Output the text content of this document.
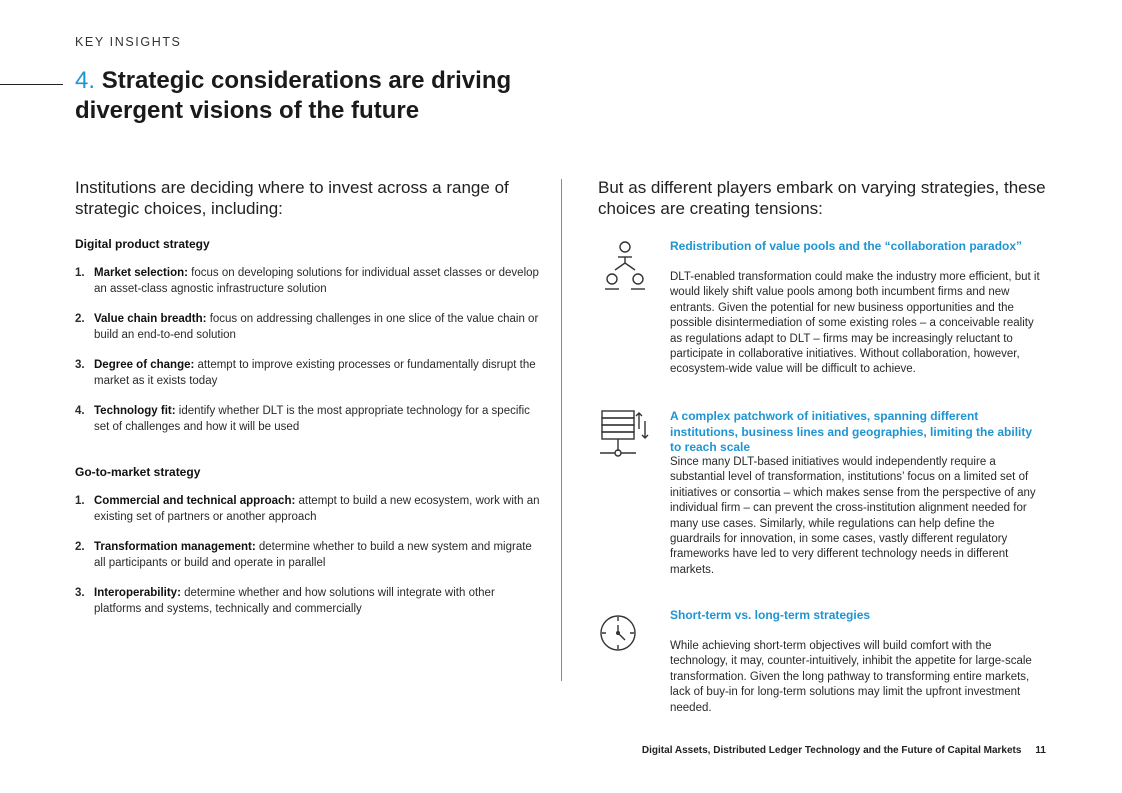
KEY INSIGHTS
4. Strategic considerations are driving divergent visions of the future

Institutions are deciding where to invest across a range of strategic choices, including:

Digital product strategy

1. Market selection: focus on developing solutions for individual asset classes or develop an asset-class agnostic infrastructure solution
2. Value chain breadth: focus on addressing challenges in one slice of the value chain or build an end-to-end solution
3. Degree of change: attempt to improve existing processes or fundamentally disrupt the market as it exists today
4. Technology fit: identify whether DLT is the most appropriate technology for a specific set of challenges and how it will be used

Go-to-market strategy

1. Commercial and technical approach: attempt to build a new ecosystem, work with an existing set of partners or another approach
2. Transformation management: determine whether to build a new system and migrate all participants or build and operate in parallel
3. Interoperability: determine whether and how solutions will integrate with other platforms and systems, technically and commercially

But as different players embark on varying strategies, these choices are creating tensions:

Redistribution of value pools and the “collaboration paradox”

DLT-enabled transformation could make the industry more efficient, but it would likely shift value pools among both incumbent firms and new entrants. Given the potential for new business opportunities and the possible disintermediation of some existing roles – a conceivable reality as regulations adapt to DLT – firms may be increasingly reluctant to participate in collaborative initiatives. Without collaboration, however, ecosystem-wide value will be difficult to achieve.

A complex patchwork of initiatives, spanning different institutions, business lines and geographies, limiting the ability to reach scale

Since many DLT-based initiatives would independently require a substantial level of transformation, institutions’ focus on a limited set of initiatives or consortia – which makes sense from the perspective of any individual firm – can prevent the cross-institution alignment needed for many use cases. Similarly, while regulations can help define the guardrails for innovation, in some cases, vastly different regulatory frameworks have led to very different technology needs in different markets.

Short-term vs. long-term strategies

While achieving short-term objectives will build comfort with the technology, it may, counter-intuitively, inhibit the appetite for large-scale transformation. Given the long pathway to transforming entire markets, lack of buy-in for long-term solutions may limit the upfront investment needed.

Digital Assets, Distributed Ledger Technology and the Future of Capital Markets 11
